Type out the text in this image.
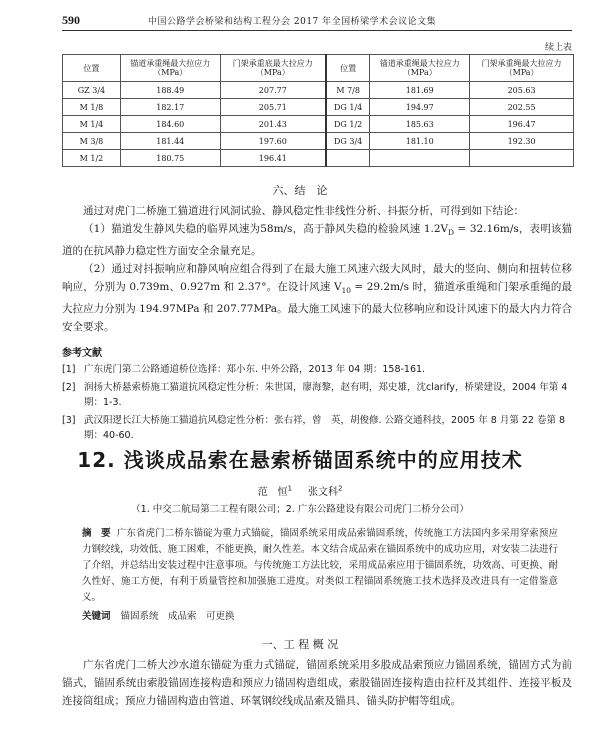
590	中国公路学会桥梁和结构工程分会 2017 年全国桥梁学术会议论文集
续上表
位置	锚道承重绳最大拉应力（MPa）	门架承重底最大拉应力（MPa）	位置	锚道承重绳最大拉应力（MPa）	门架承重绳最大拉应力（MPa）
GZ 3/4	188.49	207.77	M 7/8	181.69	205.63
M 1/8	182.17	205.71	DG 1/4	194.97	202.55
M 1/4	184.60	201.43	DG 1/2	185.63	196.47
M 3/8	181.44	197.60	DG 3/4	181.10	192.30
M 1/2	180.75	196.41			
六、结　论

通过对虎门二桥施工猫道进行风洞试验、静风稳定性非线性分析、抖振分析，可得到如下结论：

（1）猫道发生静风失稳的临界风速为58m/s，高于静风失稳的检验风速 $1.2V_D = 32.16m/s$，表明该猫道的在抗风静力稳定性方面安全余量充足。

（2）通过对抖振响应和静风响应组合得到了在最大施工风速六级大风时，最大的竖向、侧向和扭转位移响应，分别为 0.739m、0.927m 和 2.37°。在设计风速 $V_{10} = 29.2m/s$ 时，猫道承重绳和门架承重绳的最大拉应力分别为 194.97MPa 和 207.77MPa。最大施工风速下的最大位移响应和设计风速下的最大内力符合安全要求。

参考文献
[1] 广东虎门第二公路通道桥位选择：郑小东. 中外公路，2013 年 04 期：158-161.
[2] 润扬大桥悬索桥施工猫道抗风稳定性分析：朱世国，廖海黎，赵有明，郑史雄，沈clarify，桥梁建设，2004 年第 4 期：1-3.
[3] 武汉阳逻长江大桥施工猫道抗风稳定性分析：张右祥，曾　英，胡俊修. 公路交通科技，2005 年 8 月第 22 卷第 8 期：40-60.
12. 浅谈成品索在悬索桥锚固系统中的应用技术
范　恒$^1$ 张文科$^2$
（1. 中交二航局第二工程有限公司；2. 广东公路建设有限公司虎门二桥分公司）
摘　要 广东省虎门二桥东锚碇为重力式锚碇，锚固系统采用成品索锚固系统，传统施工方法国内多采用穿索预应力钢绞线，功效低、施工困难，不能更换，耐久性差。本文结合成品索在锚固系统中的成功应用，对安装二法进行了介绍，并总结出安装过程中注意事项。与传统施工方法比较，采用成品索应用于锚固系统，功效高、可更换、耐久性好、施工方便，有利于质量管控和加强施工进度。对类似工程锚固系统施工技术选择及改进具有一定借鉴意义。
关键词 锚固系统　成品索　可更换
一、工 程 概 况

广东省虎门二桥大沙水道东锚碇为重力式锚碇，锚固系统采用多股成品索预应力锚固系统，锚固方式为前锚式，锚固系统由索股锚固连接构造和预应力锚固构造组成，索股锚固连接构造由拉杆及其组件、连接平板及连接筒组成；预应力锚固构造由管道、环氧钢绞线成品索及锚具、锚头防护帽等组成。
